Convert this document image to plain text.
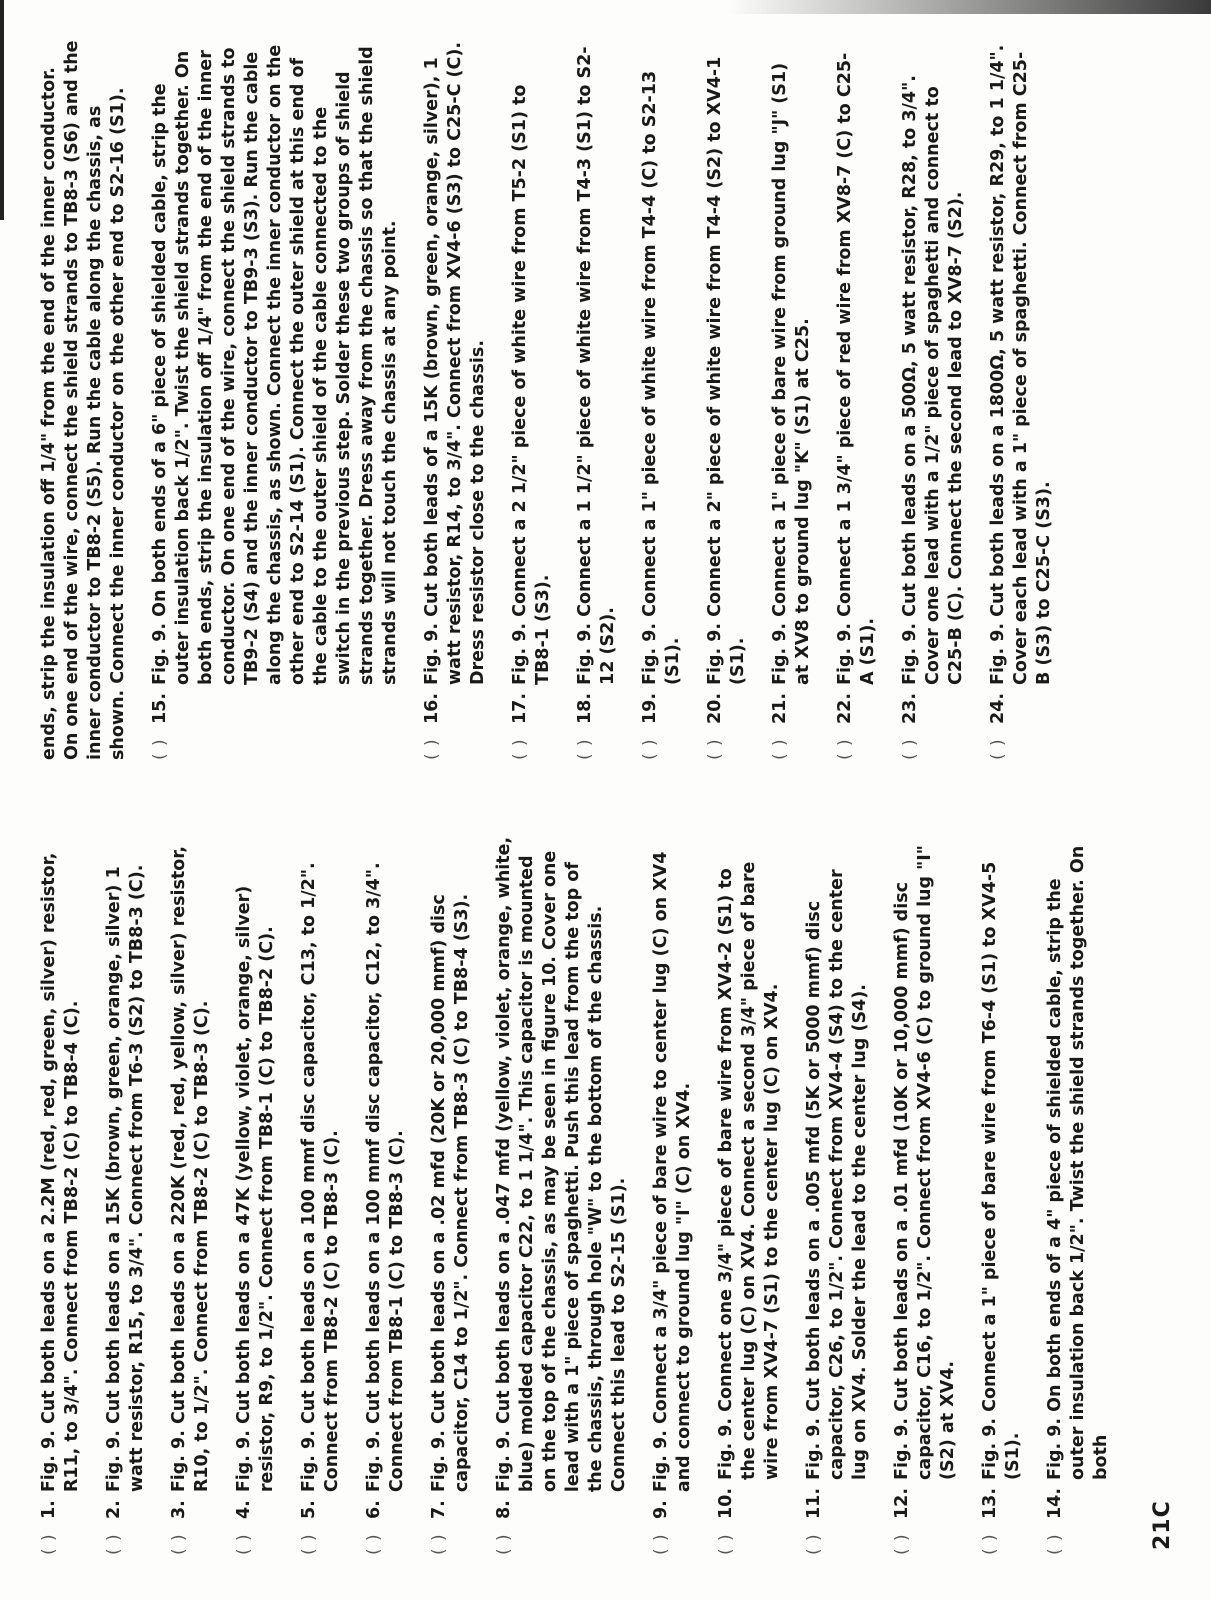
( )
1.
Fig. 9. Cut both leads on a 2.2M (red, red, green, silver) resistor, R11, to 3/4". Connect from TB8-2 (C) to TB8-4 (C).
( )
2.
Fig. 9. Cut both leads on a 15K (brown, green, orange, silver) 1 watt resistor, R15, to 3/4". Connect from T6-3 (S2) to TB8-3 (C).
( )
3.
Fig. 9. Cut both leads on a 220K (red, red, yellow, silver) resistor, R10, to 1/2". Connect from TB8-2 (C) to TB8-3 (C).
( )
4.
Fig. 9. Cut both leads on a 47K (yellow, violet, orange, silver) resistor, R9, to 1/2". Connect from TB8-1 (C) to TB8-2 (C).
( )
5.
Fig. 9. Cut both leads on a 100 mmf disc capacitor, C13, to 1/2". Connect from TB8-2 (C) to TB8-3 (C).
( )
6.
Fig. 9. Cut both leads on a 100 mmf disc capacitor, C12, to 3/4". Connect from TB8-1 (C) to TB8-3 (C).
( )
7.
Fig. 9. Cut both leads on a .02 mfd (20K or 20,000 mmf) disc capacitor, C14 to 1/2". Connect from TB8-3 (C) to TB8-4 (S3).
( )
8.
Fig. 9. Cut both leads on a .047 mfd (yellow, violet, orange, white, blue) molded capacitor C22, to 1 1/4". This capacitor is mounted on the top of the chassis, as may be seen in figure 10. Cover one lead with a 1" piece of spaghetti. Push this lead from the top of the chassis, through hole "W" to the bottom of the chassis. Connect this lead to S2-15 (S1).
( )
9.
Fig. 9. Connect a 3/4" piece of bare wire to center lug (C) on XV4 and connect to ground lug "I" (C) on XV4.
( )
10.
Fig. 9. Connect one 3/4" piece of bare wire from XV4-2 (S1) to the center lug (C) on XV4. Connect a second 3/4" piece of bare wire from XV4-7 (S1) to the center lug (C) on XV4.
( )
11.
Fig. 9. Cut both leads on a .005 mfd (5K or 5000 mmf) disc capacitor, C26, to 1/2". Connect from XV4-4 (S4) to the center lug on XV4. Solder the lead to the center lug (S4).
( )
12.
Fig. 9. Cut both leads on a .01 mfd (10K or 10,000 mmf) disc capacitor, C16, to 1/2". Connect from XV4-6 (C) to ground lug "I" (S2) at XV4.
( )
13.
Fig. 9. Connect a 1" piece of bare wire from T6-4 (S1) to XV4-5 (S1).
( )
14.
Fig. 9. On both ends of a 4" piece of shielded cable, strip the outer insulation back 1/2". Twist the shield strands together. On both
ends, strip the insulation off 1/4" from the end of the inner conductor. On one end of the wire, connect the shield strands to TB8-3 (S6) and the inner conductor to TB8-2 (S5). Run the cable along the chassis, as shown. Connect the inner conductor on the other end to S2-16 (S1). ( )
15.
Fig. 9. On both ends of a 6" piece of shielded cable, strip the outer insulation back 1/2". Twist the shield strands together. On both ends, strip the insulation off 1/4" from the end of the inner conductor. On one end of the wire, connect the shield strands to TB9-2 (S4) and the inner conductor to TB9-3 (S3). Run the cable along the chassis, as shown. Connect the inner conductor on the other end to S2-14 (S1). Connect the outer shield at this end of the cable to the outer shield of the cable connected to the switch in the previous step. Solder these two groups of shield strands together. Dress away from the chassis so that the shield strands will not touch the chassis at any point.
( )
16.
Fig. 9. Cut both leads of a 15K (brown, green, orange, silver), 1 watt resistor, R14, to 3/4". Connect from XV4-6 (S3) to C25-C (C). Dress resistor close to the chassis.
( )
17.
Fig. 9. Connect a 2 1/2" piece of white wire from T5-2 (S1) to TB8-1 (S3).
( )
18.
Fig. 9. Connect a 1 1/2" piece of white wire from T4-3 (S1) to S2-12 (S2).
( )
19.
Fig. 9. Connect a 1" piece of white wire from T4-4 (C) to S2-13 (S1).
( )
20.
Fig. 9. Connect a 2" piece of white wire from T4-4 (S2) to XV4-1 (S1).
( )
21.
Fig. 9. Connect a 1" piece of bare wire from ground lug "J" (S1) at XV8 to ground lug "K" (S1) at C25.
( )
22.
Fig. 9. Connect a 1 3/4" piece of red wire from XV8-7 (C) to C25-A (S1).
( )
23.
Fig. 9. Cut both leads on a 500Ω, 5 watt resistor, R28, to 3/4". Cover one lead with a 1/2" piece of spaghetti and connect to C25-B (C). Connect the second lead to XV8-7 (S2).
( )
24.
Fig. 9. Cut both leads on a 1800Ω, 5 watt resistor, R29, to 1 1/4". Cover each lead with a 1" piece of spaghetti. Connect from C25-B (S3) to C25-C (S3).
21C
